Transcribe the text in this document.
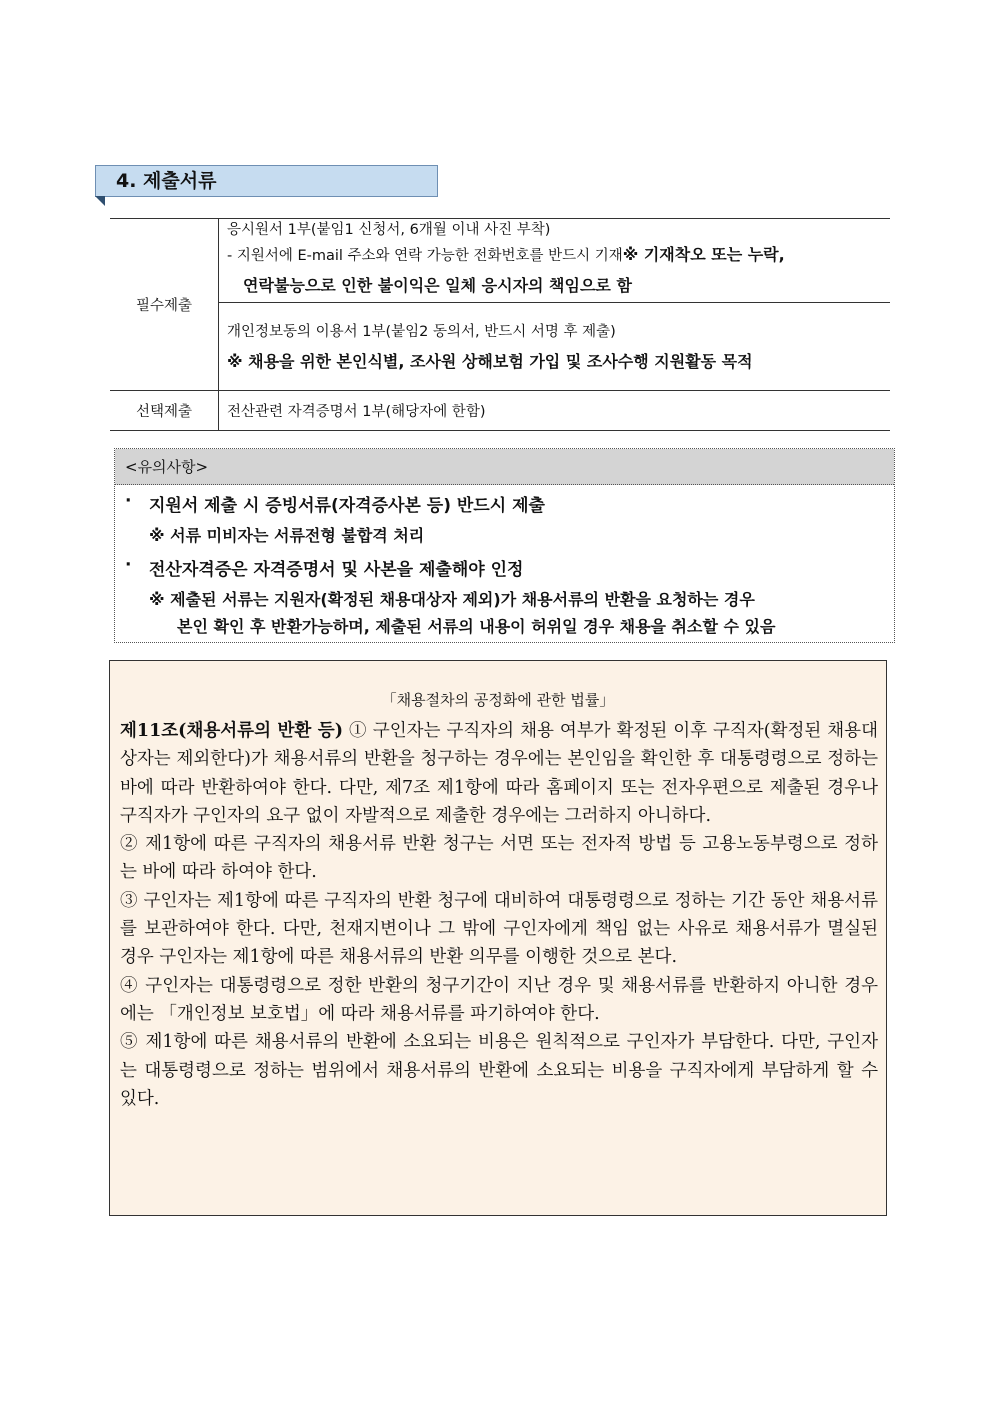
4. 제출서류
필수제출	응시원서 1부(붙임1 신청서, 6개월 이내 사진 부착)
- 지원서에 E-mail 주소와 연락 가능한 전화번호를 반드시 기재※ 기재착오 또는 누락,
연락불능으로 인한 불이익은 일체 응시자의 책임으로 함

	개인정보동의 이용서 1부(붙임2 동의서, 반드시 서명 후 제출)
※ 채용을 위한 본인식별, 조사원 상해보험 가입 및 조사수행 지원활동 목적

선택제출	전산관련 자격증명서 1부(해당자에 한함)
<유의사항>
· 지원서 제출 시 증빙서류(자격증사본 등) 반드시 제출
※ 서류 미비자는 서류전형 불합격 처리
· 전산자격증은 자격증명서 및 사본을 제출해야 인정
※ 제출된 서류는 지원자(확정된 채용대상자 제외)가 채용서류의 반환을 요청하는 경우
본인 확인 후 반환가능하며, 제출된 서류의 내용이 허위일 경우 채용을 취소할 수 있음
｢채용절차의 공정화에 관한 법률｣

제11조(채용서류의 반환 등) ① 구인자는 구직자의 채용 여부가 확정된 이후 구직자(확정된 채용대상자는 제외한다)가 채용서류의 반환을 청구하는 경우에는 본인임을 확인한 후 대통령령으로 정하는 바에 따라 반환하여야 한다. 다만, 제7조 제1항에 따라 홈페이지 또는 전자우편으로 제출된 경우나 구직자가 구인자의 요구 없이 자발적으로 제출한 경우에는 그러하지 아니하다.

② 제1항에 따른 구직자의 채용서류 반환 청구는 서면 또는 전자적 방법 등 고용노동부령으로 정하는 바에 따라 하여야 한다.

③ 구인자는 제1항에 따른 구직자의 반환 청구에 대비하여 대통령령으로 정하는 기간 동안 채용서류를 보관하여야 한다. 다만, 천재지변이나 그 밖에 구인자에게 책임 없는 사유로 채용서류가 멸실된 경우 구인자는 제1항에 따른 채용서류의 반환 의무를 이행한 것으로 본다.

④ 구인자는 대통령령으로 정한 반환의 청구기간이 지난 경우 및 채용서류를 반환하지 아니한 경우에는 「개인정보 보호법」에 따라 채용서류를 파기하여야 한다.

⑤ 제1항에 따른 채용서류의 반환에 소요되는 비용은 원칙적으로 구인자가 부담한다. 다만, 구인자는 대통령령으로 정하는 범위에서 채용서류의 반환에 소요되는 비용을 구직자에게 부담하게 할 수 있다.
